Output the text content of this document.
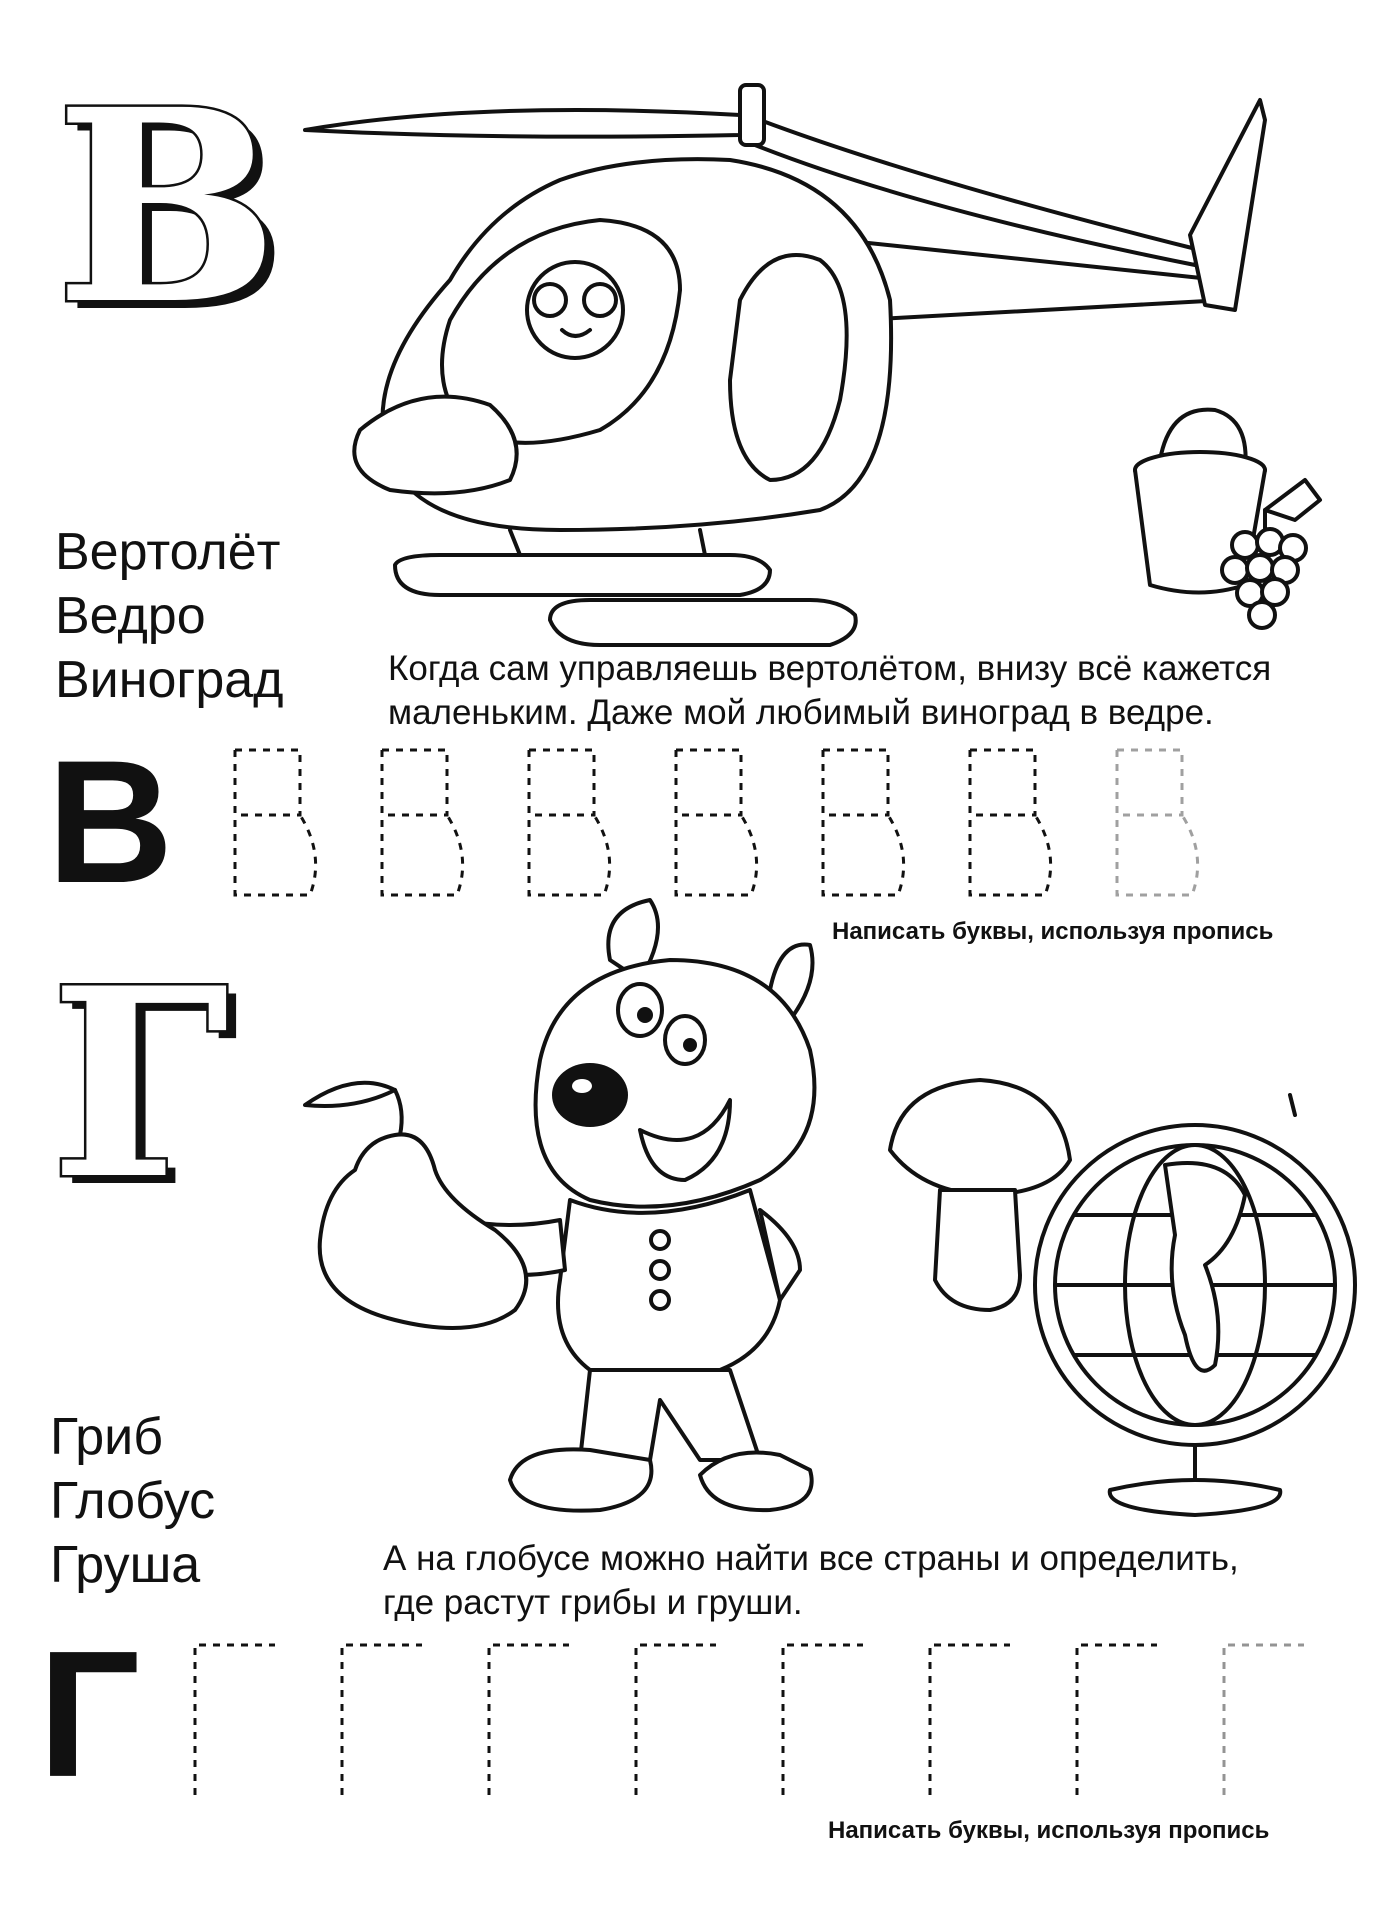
В
Вертолёт
Ведро
Виноград	Когда сам управляешь вертолётом, внизу всё кажется
маленьким. Даже мой любимый виноград в ведре.
В
Написать буквы, используя пропись
Г
Гриб
Глобус
Груша	А на глобусе можно найти все страны и определить,
где растут грибы и груши.
Г
Написать буквы, используя пропись
